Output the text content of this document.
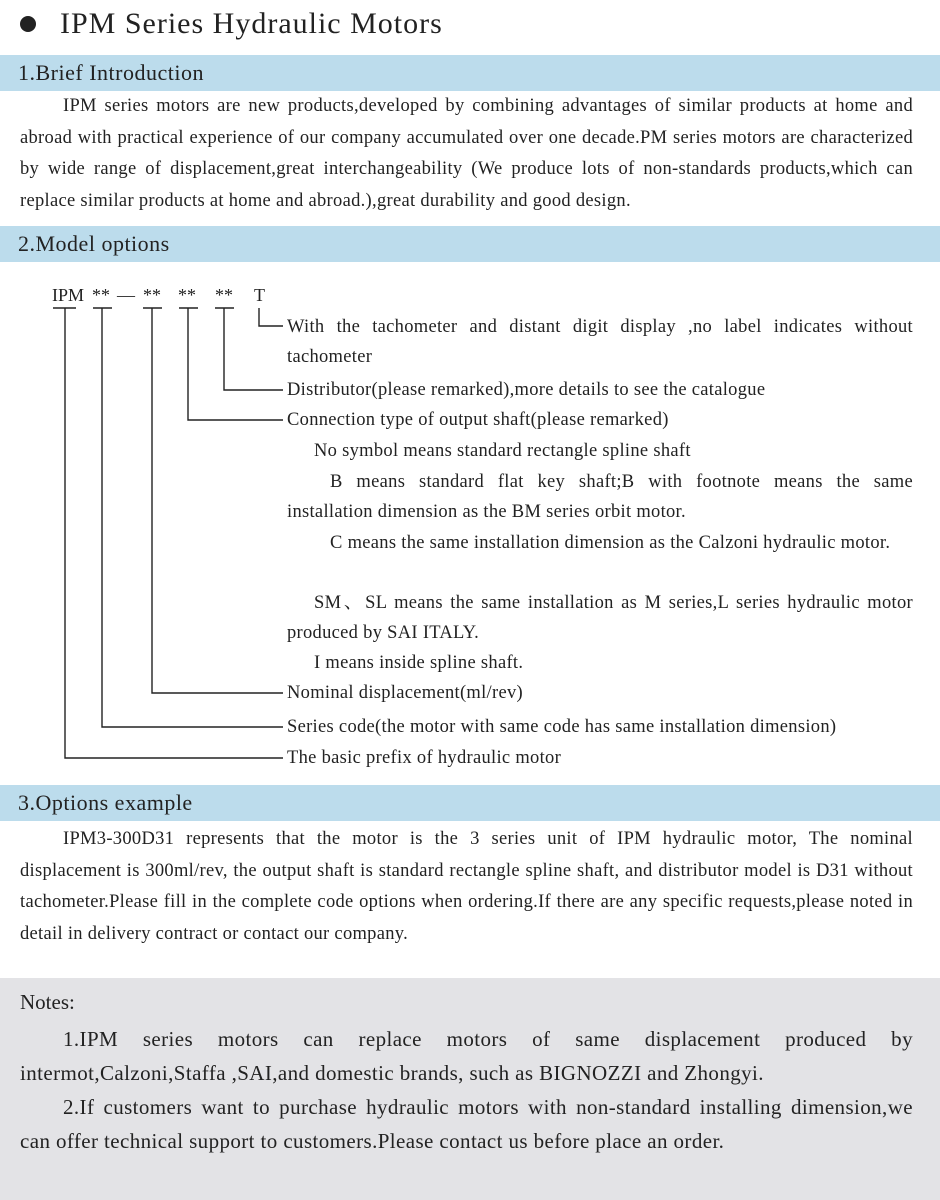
IPM Series Hydraulic Motors
1.Brief Introduction

IPM series motors are new products,developed by combining advantages of similar products at home and abroad with practical experience of our company accumulated over one decade.PM series motors are characterized by wide range of displacement,great interchangeability (We produce lots of non-standards products,which can replace similar products at home and abroad.),great durability and good design.

2.Model options
IPM ** — ** ** ** T
With the tachometer and distant digit display ,no label indicates without tachometer
Distributor(please remarked),more details to see the catalogue
Connection type of output shaft(please remarked)
No symbol means standard rectangle spline shaft
B means standard flat key shaft;B with footnote means the same installation dimension as the BM series orbit motor.
C means the same installation dimension as the Calzoni hydraulic motor.
SM、SL means the same installation as M series,L series hydraulic motor produced by SAI ITALY.
I means inside spline shaft.
Nominal displacement(ml/rev)
Series code(the motor with same code has same installation dimension)
The basic prefix of hydraulic motor
3.Options example

IPM3-300D31 represents that the motor is the 3 series unit of IPM hydraulic motor, The nominal displacement is 300ml/rev, the output shaft is standard rectangle spline shaft, and distributor model is D31 without tachometer.Please fill in the complete code options when ordering.If there are any specific requests,please noted in detail in delivery contract or contact our company.

Notes:

1.IPM series motors can replace motors of same displacement produced by intermot,Calzoni,Staffa ,SAI,and domestic brands, such as BIGNOZZI and Zhongyi.

2.If customers want to purchase hydraulic motors with non-standard installing dimension,we can offer technical support to customers.Please contact us before place an order.
